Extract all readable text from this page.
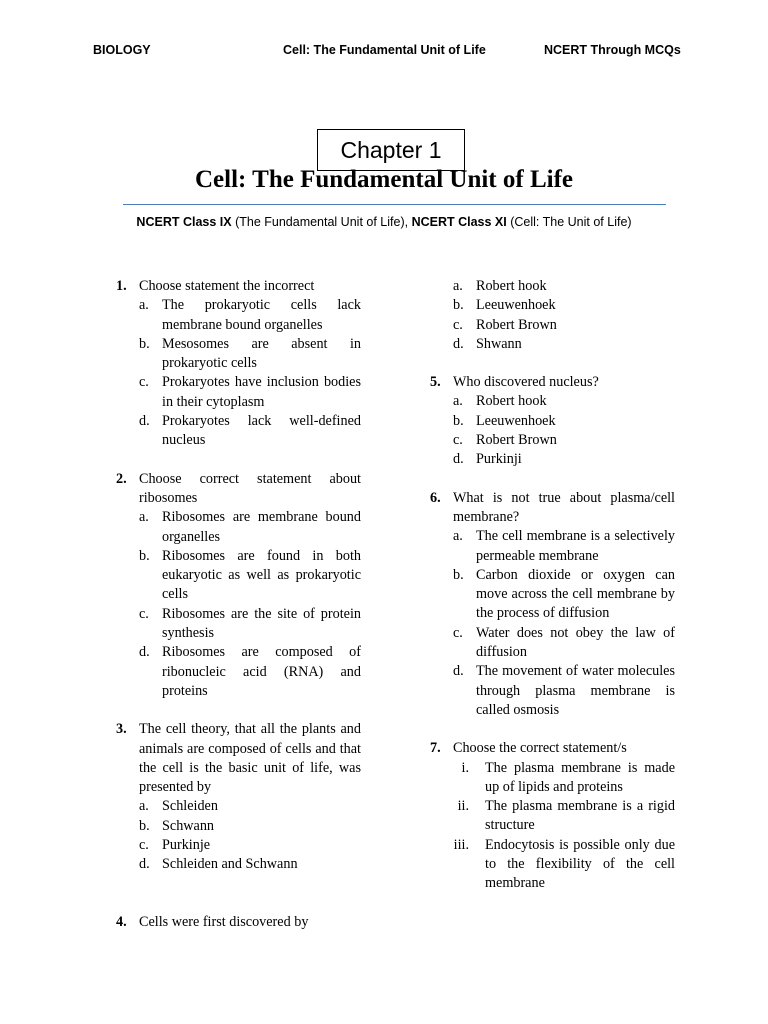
BIOLOGY	Cell: The Fundamental Unit of Life	NCERT Through MCQs
Chapter 1
Cell: The Fundamental Unit of Life
NCERT Class IX (The Fundamental Unit of Life), NCERT Class XI (Cell: The Unit of Life)
1. Choose statement the incorrect
a. The prokaryotic cells lack membrane bound organelles
b. Mesosomes are absent in prokaryotic cells
c. Prokaryotes have inclusion bodies in their cytoplasm
d. Prokaryotes lack well-defined nucleus
2. Choose correct statement about ribosomes
a. Ribosomes are membrane bound organelles
b. Ribosomes are found in both eukaryotic as well as prokaryotic cells
c. Ribosomes are the site of protein synthesis
d. Ribosomes are composed of ribonucleic acid (RNA) and proteins
3. The cell theory, that all the plants and animals are composed of cells and that the cell is the basic unit of life, was presented by
a. Schleiden
b. Schwann
c. Purkinje
d. Schleiden and Schwann
4. Cells were first discovered by
a. Robert hook
b. Leeuwenhoek
c. Robert Brown
d. Shwann
5. Who discovered nucleus?
a. Robert hook
b. Leeuwenhoek
c. Robert Brown
d. Purkinji
6. What is not true about plasma/cell membrane?
a. The cell membrane is a selectively permeable membrane
b. Carbon dioxide or oxygen can move across the cell membrane by the process of diffusion
c. Water does not obey the law of diffusion
d. The movement of water molecules through plasma membrane is called osmosis
7. Choose the correct statement/s
i. The plasma membrane is made up of lipids and proteins
ii. The plasma membrane is a rigid structure
iii. Endocytosis is possible only due to the flexibility of the cell membrane
